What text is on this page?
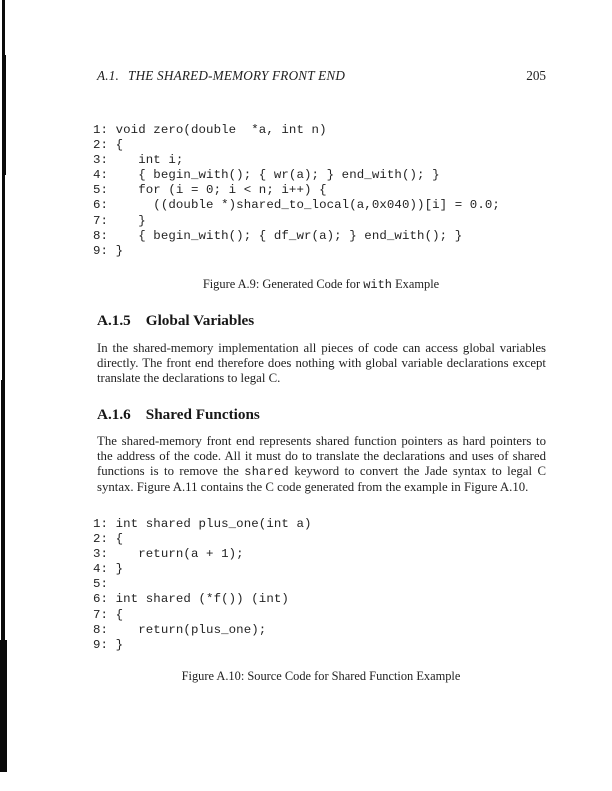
A.1. THE SHARED-MEMORY FRONT END	205
1: void zero(double  *a, int n)
2: {
3:    int i;
4:    { begin_with(); { wr(a); } end_with(); }
5:    for (i = 0; i < n; i++) {
6:      ((double *)shared_to_local(a,0x040))[i] = 0.0;
7:    }
8:    { begin_with(); { df_wr(a); } end_with(); }
9: }
Figure A.9: Generated Code for with Example
A.1.5 Global Variables
In the shared-memory implementation all pieces of code can access global variables directly. The front end therefore does nothing with global variable declarations except translate the declarations to legal C.
A.1.6 Shared Functions
The shared-memory front end represents shared function pointers as hard pointers to the address of the code. All it must do to translate the declarations and uses of shared functions is to remove the shared keyword to convert the Jade syntax to legal C syntax. Figure A.11 contains the C code generated from the example in Figure A.10.
1: int shared plus_one(int a)
2: {
3:    return(a + 1);
4: }
5:
6: int shared (*f()) (int)
7: {
8:    return(plus_one);
9: }
Figure A.10: Source Code for Shared Function Example
